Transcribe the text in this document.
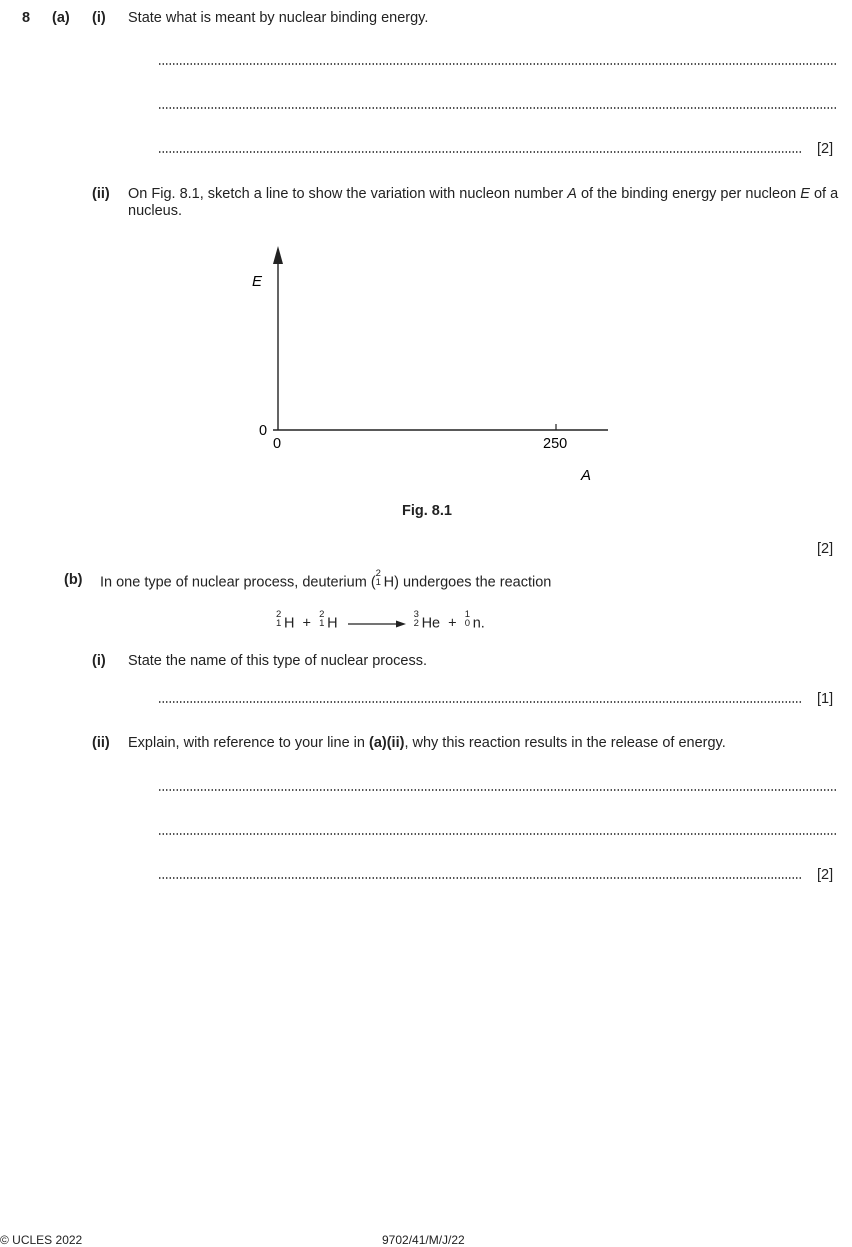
8 (a) (i) State what is meant by nuclear binding energy.
[2]
(ii) On Fig. 8.1, sketch a line to show the variation with nucleon number A of the binding energy per nucleon E of a nucleus.
E
0
0	250
A
Fig. 8.1
[2]
(b) In one type of nuclear process, deuterium (
2
1 H) undergoes the reaction
2
1 H +
2
1 H
3
2 He +
1
0 n.
(i) State the name of this type of nuclear process.
[1]
(ii) Explain, with reference to your line in (a)(ii), why this reaction results in the release of energy.
[2]
© UCLES 2022	9702/41/M/J/22
